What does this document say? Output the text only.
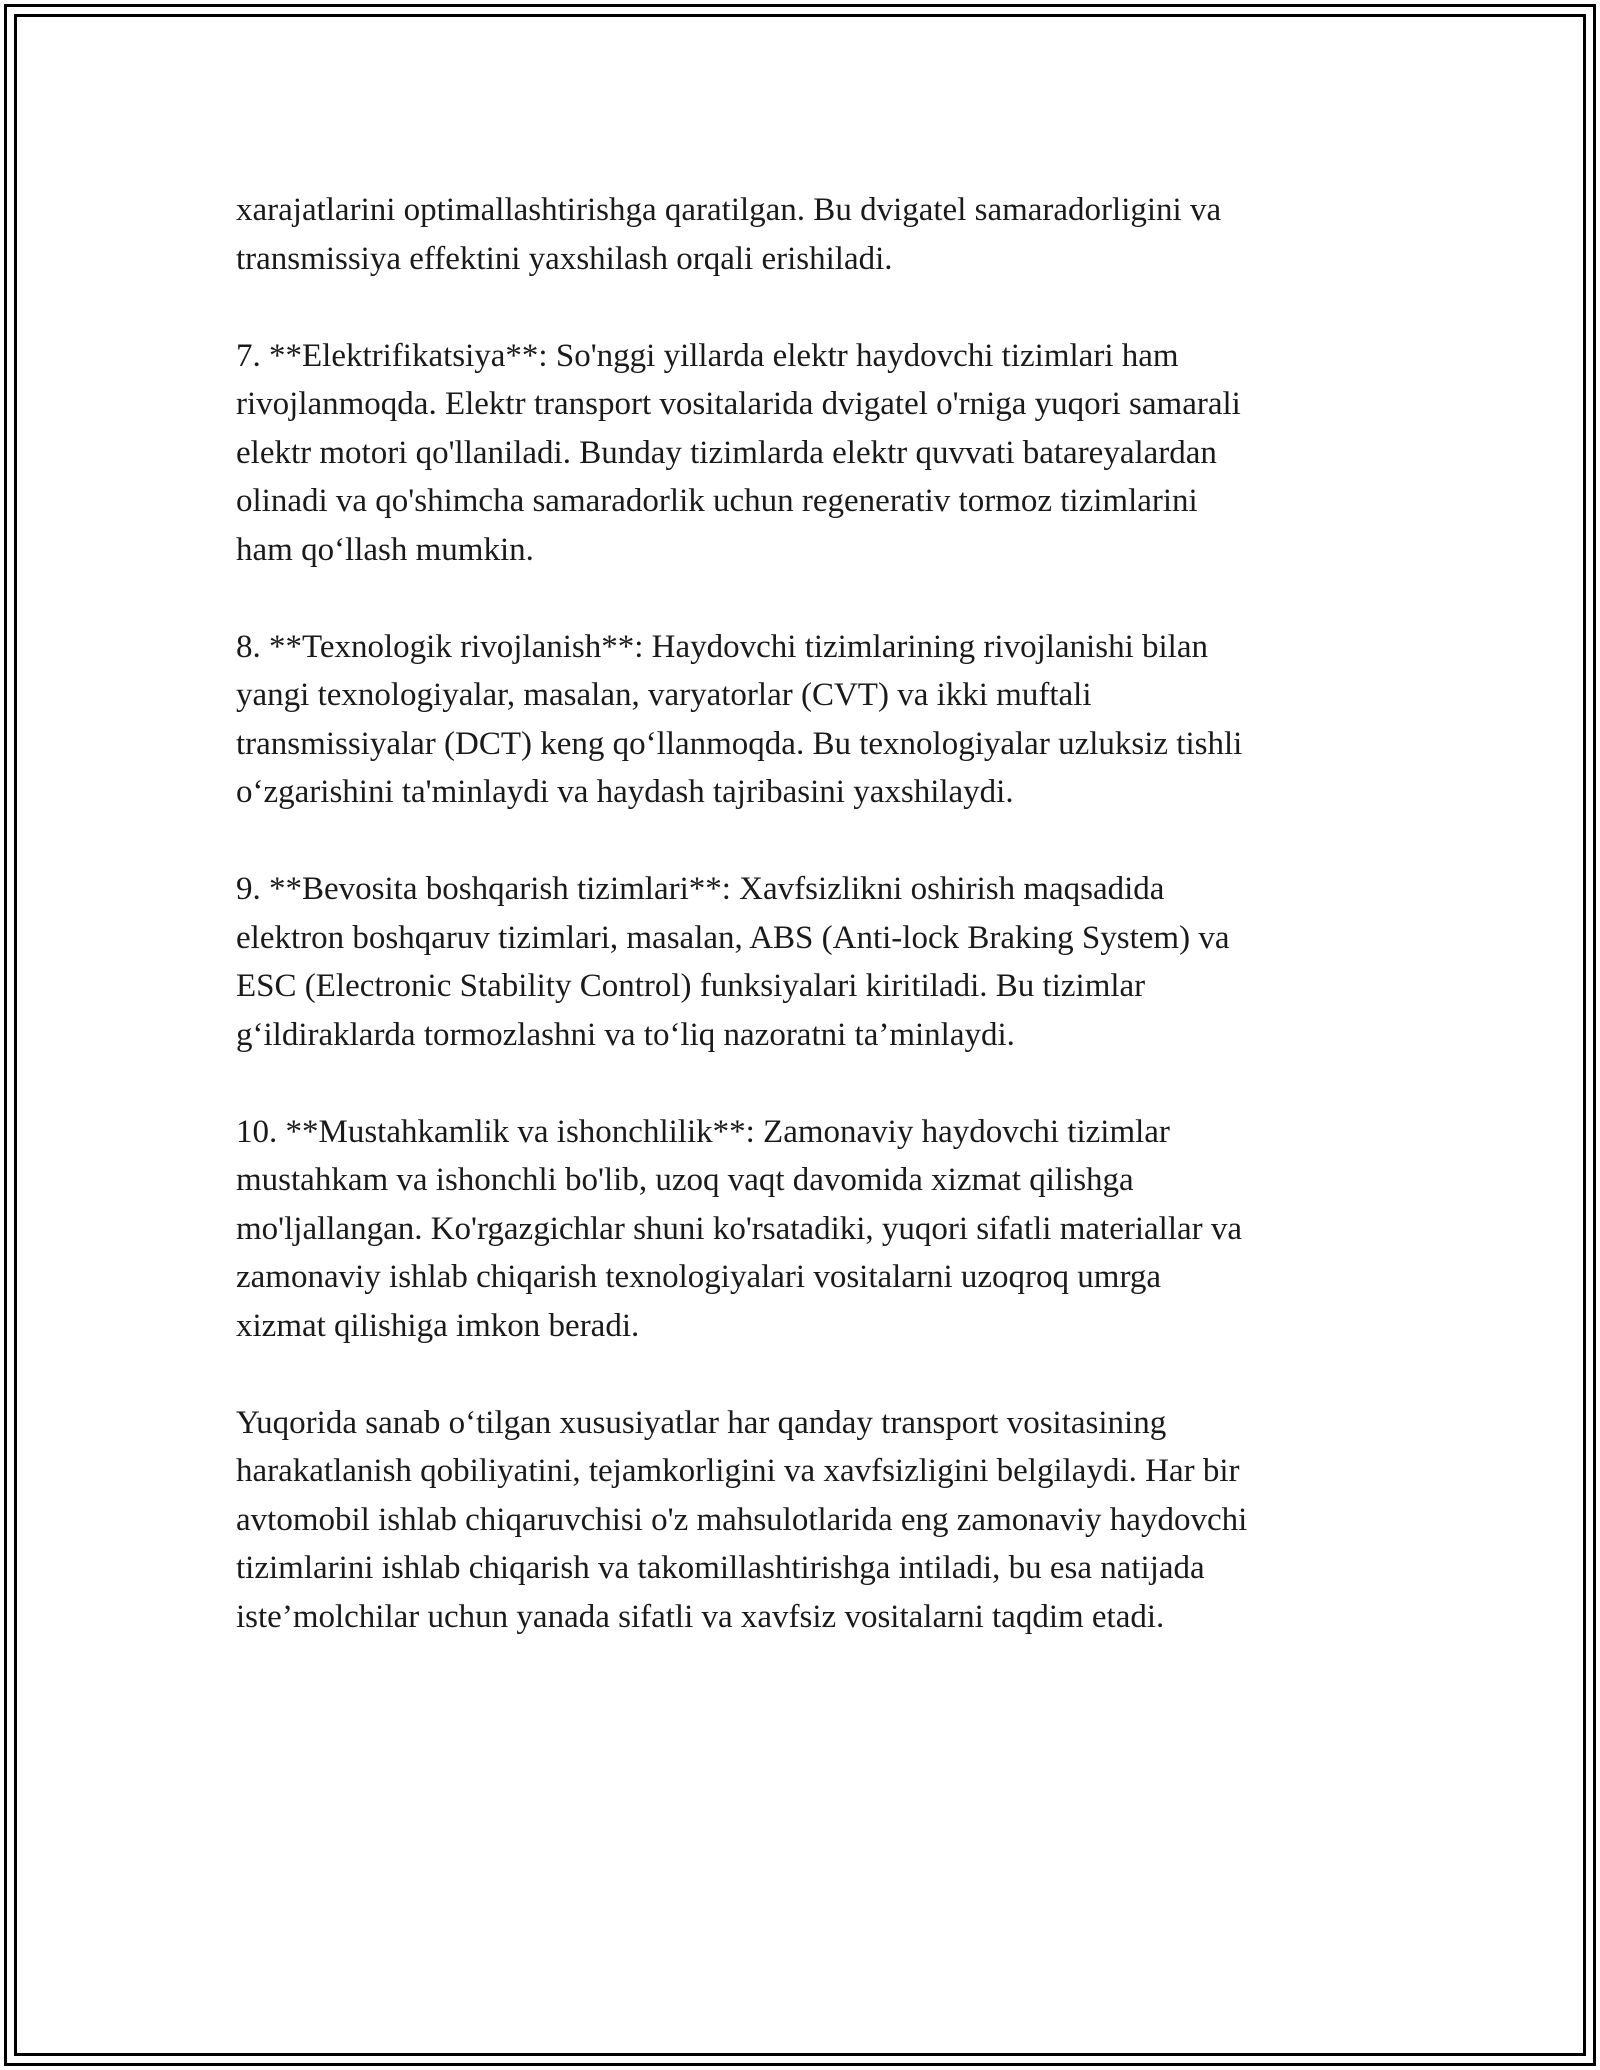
xarajatlarini optimallashtirishga qaratilgan. Bu dvigatel samaradorligini va
transmissiya effektini yaxshilash orqali erishiladi.

7. **Elektrifikatsiya**: So'nggi yillarda elektr haydovchi tizimlari ham
rivojlanmoqda. Elektr transport vositalarida dvigatel o'rniga yuqori samarali
elektr motori qo'llaniladi. Bunday tizimlarda elektr quvvati batareyalardan
olinadi va qo'shimcha samaradorlik uchun regenerativ tormoz tizimlarini
ham qo‘llash mumkin.

8. **Texnologik rivojlanish**: Haydovchi tizimlarining rivojlanishi bilan
yangi texnologiyalar, masalan, varyatorlar (CVT) va ikki muftali
transmissiyalar (DCT) keng qo‘llanmoqda. Bu texnologiyalar uzluksiz tishli
o‘zgarishini ta'minlaydi va haydash tajribasini yaxshilaydi.

9. **Bevosita boshqarish tizimlari**: Xavfsizlikni oshirish maqsadida
elektron boshqaruv tizimlari, masalan, ABS (Anti-lock Braking System) va
ESC (Electronic Stability Control) funksiyalari kiritiladi. Bu tizimlar
g‘ildiraklarda tormozlashni va to‘liq nazoratni ta’minlaydi.

10. **Mustahkamlik va ishonchlilik**: Zamonaviy haydovchi tizimlar
mustahkam va ishonchli bo'lib, uzoq vaqt davomida xizmat qilishga
mo'ljallangan. Ko'rgazgichlar shuni ko'rsatadiki, yuqori sifatli materiallar va
zamonaviy ishlab chiqarish texnologiyalari vositalarni uzoqroq umrga
xizmat qilishiga imkon beradi.

Yuqorida sanab o‘tilgan xususiyatlar har qanday transport vositasining
harakatlanish qobiliyatini, tejamkorligini va xavfsizligini belgilaydi. Har bir
avtomobil ishlab chiqaruvchisi o'z mahsulotlarida eng zamonaviy haydovchi
tizimlarini ishlab chiqarish va takomillashtirishga intiladi, bu esa natijada
iste’molchilar uchun yanada sifatli va xavfsiz vositalarni taqdim etadi.
